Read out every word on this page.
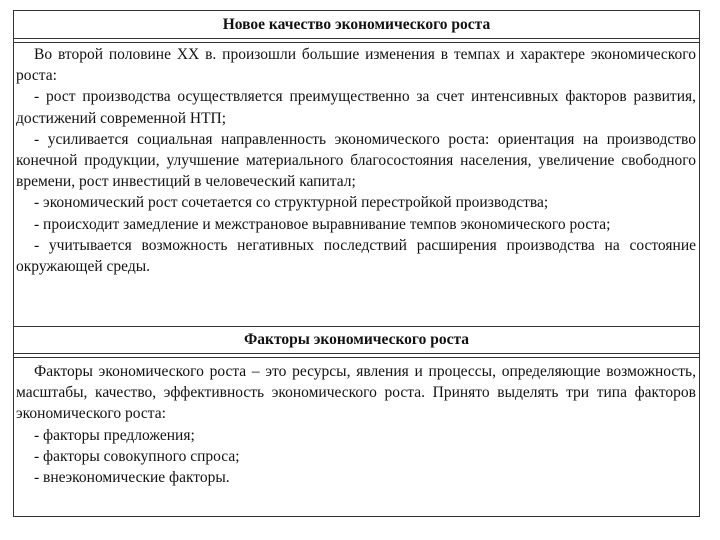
Новое качество экономического роста

Во второй половине XX в. произошли большие изменения в темпах и характере экономического роста:

- рост производства осуществляется преимущественно за счет интенсивных факторов развития, достижений современной НТП;

- усиливается социальная направленность экономического роста: ориентация на производство конечной продукции, улучшение материального благосостояния населения, увеличение свободного времени, рост инвестиций в человеческий капитал;

- экономический рост сочетается со структурной перестройкой производства;

- происходит замедление и межстрановое выравнивание темпов экономического роста;

- учитывается возможность негативных последствий расширения производства на состояние окружающей среды.

Факторы экономического роста

Факторы экономического роста – это ресурсы, явления и процессы, определяющие возможность, масштабы, качество, эффективность экономического роста. Принято выделять три типа факторов экономического роста:

- факторы предложения;

- факторы совокупного спроса;

- внеэкономические факторы.
